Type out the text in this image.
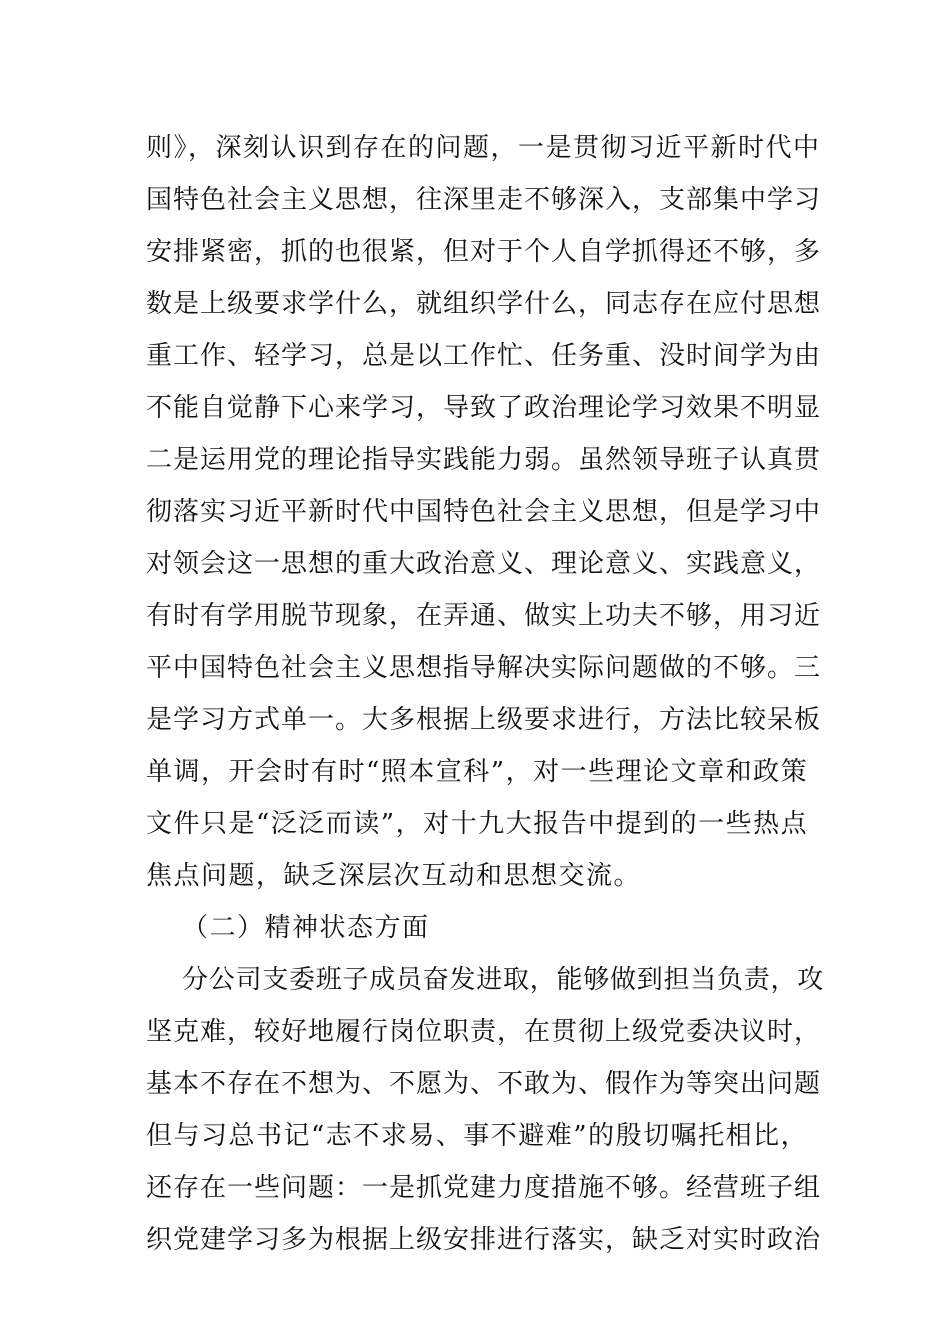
则》，深刻认识到存在的问题，一是贯彻习近平新时代中
国特色社会主义思想，往深里走不够深入，支部集中学习
安排紧密，抓的也很紧，但对于个人自学抓得还不够，多
数是上级要求学什么，就组织学什么，同志存在应付思想
重工作、轻学习，总是以工作忙、任务重、没时间学为由
不能自觉静下心来学习，导致了政治理论学习效果不明显
二是运用党的理论指导实践能力弱。虽然领导班子认真贯
彻落实习近平新时代中国特色社会主义思想，但是学习中
对领会这一思想的重大政治意义、理论意义、实践意义，
有时有学用脱节现象，在弄通、做实上功夫不够，用习近
平中国特色社会主义思想指导解决实际问题做的不够。三
是学习方式单一。大多根据上级要求进行，方法比较呆板
单调，开会时有时“照本宣科”，对一些理论文章和政策
文件只是“泛泛而读”，对十九大报告中提到的一些热点
焦点问题，缺乏深层次互动和思想交流。
（二）精神状态方面
分公司支委班子成员奋发进取，能够做到担当负责，攻
坚克难，较好地履行岗位职责，在贯彻上级党委决议时，
基本不存在不想为、不愿为、不敢为、假作为等突出问题
但与习总书记“志不求易、事不避难”的殷切嘱托相比，
还存在一些问题：一是抓党建力度措施不够。经营班子组
织党建学习多为根据上级安排进行落实，缺乏对实时政治
